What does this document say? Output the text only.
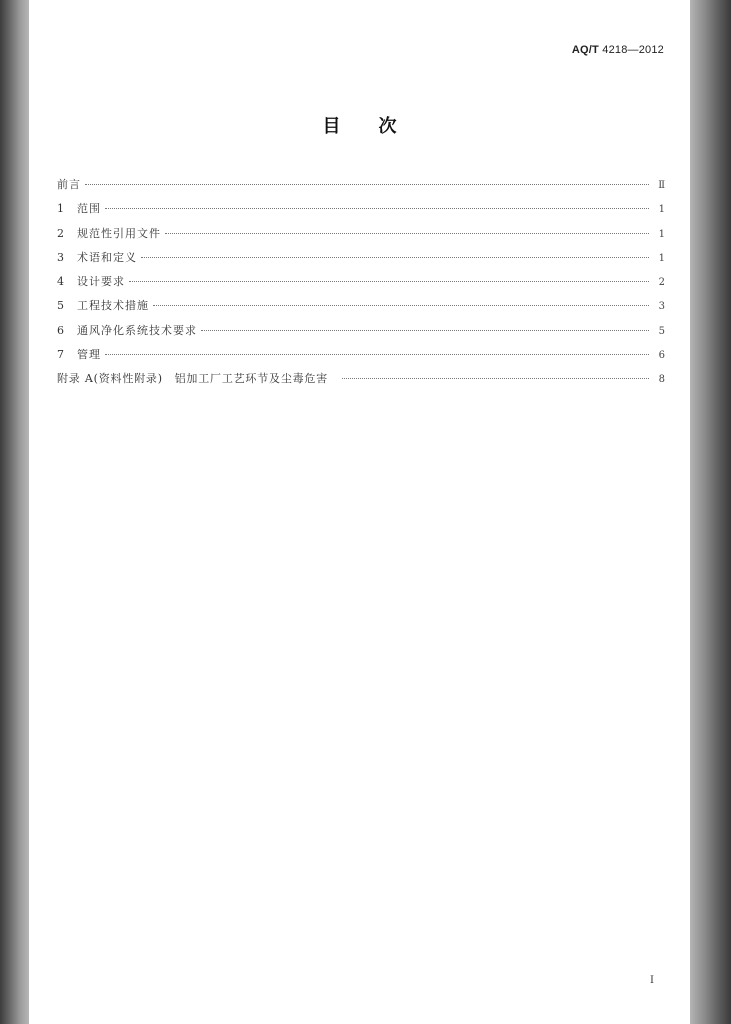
AQ/T 4218—2012
目次
前言	Ⅱ
1	范围	1
2	规范性引用文件	1
3	术语和定义	1
4	设计要求	2
5	工程技术措施	3
6	通风净化系统技术要求	5
7	管理	6
附录 A(资料性附录)　铝加工厂工艺环节及尘毒危害	8
Ⅰ
